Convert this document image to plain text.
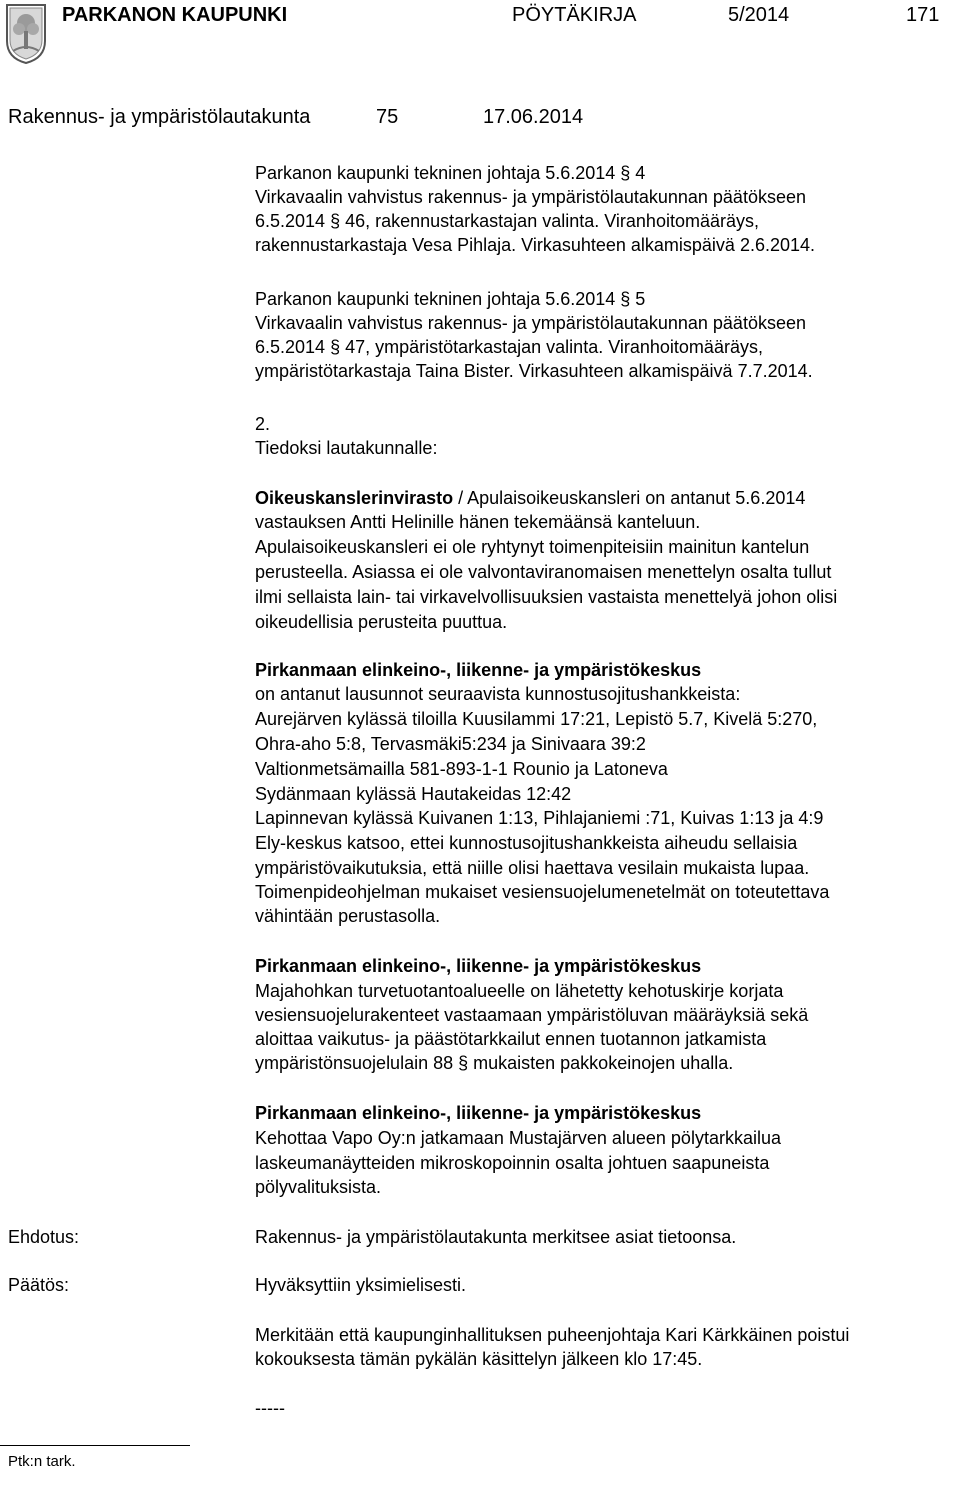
PARKANON KAUPUNKI	PÖYTÄKIRJA	5/2014	171
Rakennus- ja ympäristölautakunta	75	17.06.2014
Parkanon kaupunki tekninen johtaja 5.6.2014 § 4
Virkavaalin vahvistus rakennus- ja ympäristölautakunnan päätökseen
6.5.2014 § 46, rakennustarkastajan valinta. Viranhoitomääräys,
rakennustarkastaja Vesa Pihlaja. Virkasuhteen alkamispäivä 2.6.2014.
Parkanon kaupunki tekninen johtaja 5.6.2014 § 5
Virkavaalin vahvistus rakennus- ja ympäristölautakunnan päätökseen
6.5.2014 § 47, ympäristötarkastajan valinta. Viranhoitomääräys,
ympäristötarkastaja Taina Bister. Virkasuhteen alkamispäivä 7.7.2014.
2.
Tiedoksi lautakunnalle:
Oikeuskanslerinvirasto / Apulaisoikeuskansleri on antanut 5.6.2014
vastauksen Antti Helinille hänen tekemäänsä kanteluun.
Apulaisoikeuskansleri ei ole ryhtynyt toimenpiteisiin mainitun kantelun
perusteella. Asiassa ei ole valvontaviranomaisen menettelyn osalta tullut
ilmi sellaista lain- tai virkavelvollisuuksien vastaista menettelyä johon olisi
oikeudellisia perusteita puuttua.
Pirkanmaan elinkeino-, liikenne- ja ympäristökeskus
on antanut lausunnot seuraavista kunnostusojitushankkeista:
Aurejärven kylässä tiloilla Kuusilammi 17:21, Lepistö 5.7, Kivelä 5:270,
Ohra-aho 5:8, Tervasmäki5:234 ja Sinivaara 39:2
Valtionmetsämailla 581-893-1-1 Rounio ja Latoneva
Sydänmaan kylässä Hautakeidas 12:42
Lapinnevan kylässä Kuivanen 1:13, Pihlajaniemi :71, Kuivas 1:13 ja 4:9
Ely-keskus katsoo, ettei kunnostusojitushankkeista aiheudu sellaisia
ympäristövaikutuksia, että niille olisi haettava vesilain mukaista lupaa.
Toimenpideohjelman mukaiset vesiensuojelumenetelmät on toteutettava
vähintään perustasolla.
Pirkanmaan elinkeino-, liikenne- ja ympäristökeskus
Majahohkan turvetuotantoalueelle on lähetetty kehotuskirje korjata
vesiensuojelurakenteet vastaamaan ympäristöluvan määräyksiä sekä
aloittaa vaikutus- ja päästötarkkailut ennen tuotannon jatkamista
ympäristönsuojelulain 88 § mukaisten pakkokeinojen uhalla.
Pirkanmaan elinkeino-, liikenne- ja ympäristökeskus
Kehottaa Vapo Oy:n jatkamaan Mustajärven alueen pölytarkkailua
laskeumanäytteiden mikroskopoinnin osalta johtuen saapuneista
pölyvalituksista.
Ehdotus:	Rakennus- ja ympäristölautakunta merkitsee asiat tietoonsa.
Päätös:	Hyväksyttiin yksimielisesti.
Merkitään että kaupunginhallituksen puheenjohtaja Kari Kärkkäinen poistui
kokouksesta tämän pykälän käsittelyn jälkeen klo 17:45.
-----
Ptk:n tark.
